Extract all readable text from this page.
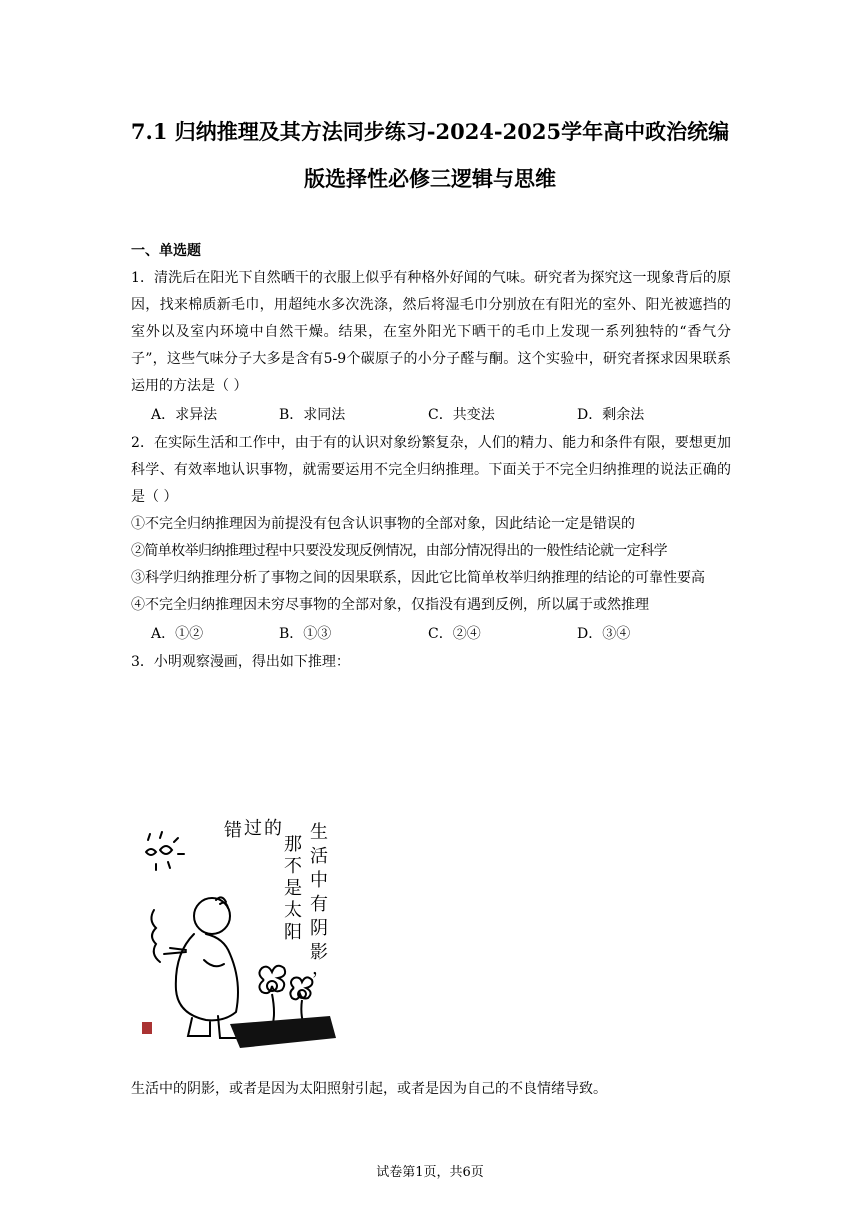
7.1 归纳推理及其方法同步练习-2024-2025学年高中政治统编
版选择性必修三逻辑与思维

一、单选题

1．清洗后在阳光下自然晒干的衣服上似乎有种格外好闻的气味。研究者为探究这一现象背后的原因，找来棉质新毛巾，用超纯水多次洗涤，然后将湿毛巾分别放在有阳光的室外、阳光被遮挡的室外以及室内环境中自然干燥。结果，在室外阳光下晒干的毛巾上发现一系列独特的“香气分子”，这些气味分子大多是含有5-9个碳原子的小分子醛与酮。这个实验中，研究者探求因果联系运用的方法是（ ）

A．求异法	B．求同法	C．共变法	D．剩余法

2．在实际生活和工作中，由于有的认识对象纷繁复杂，人们的精力、能力和条件有限，要想更加科学、有效率地认识事物，就需要运用不完全归纳推理。下面关于不完全归纳推理的说法正确的是（ ）

①不完全归纳推理因为前提没有包含认识事物的全部对象，因此结论一定是错误的

②简单枚举归纳推理过程中只要没发现反例情况，由部分情况得出的一般性结论就一定科学

③科学归纳推理分析了事物之间的因果联系，因此它比简单枚举归纳推理的结论的可靠性要高

④不完全归纳推理因未穷尽事物的全部对象，仅指没有遇到反例，所以属于或然推理

A．①②	B．①③	C．②④	D．③④

3．小明观察漫画，得出如下推理：

错 过 的
那
不
是
太
阳
生
活
中
有
阴
影
，

生活中的阴影，或者是因为太阳照射引起，或者是因为自己的不良情绪导致。

试卷第1页，共6页
